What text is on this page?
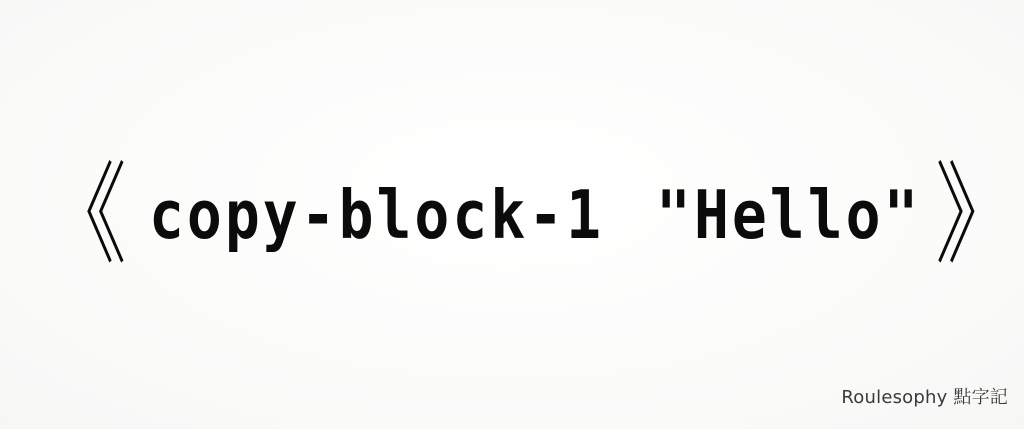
《 copy-block-1 "Hello" 》
Roulesophy 點字記
